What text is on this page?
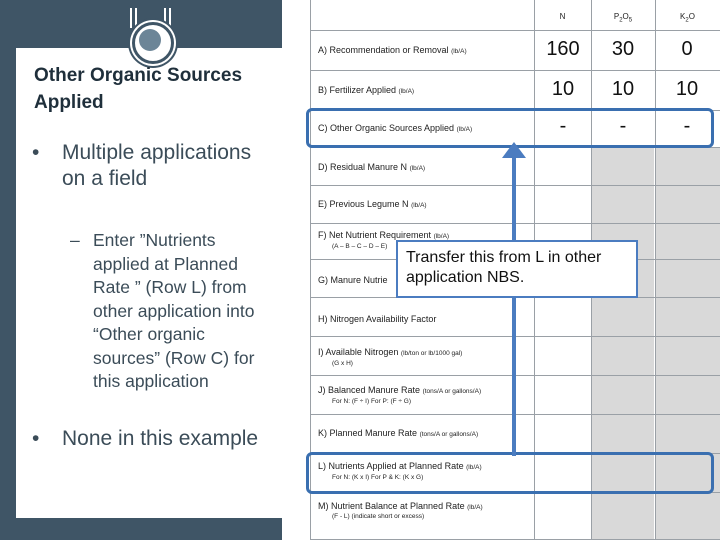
Other Organic Sources Applied
•	Multiple applications on a field
– Enter ”Nutrients applied at Planned Rate ” (Row L) from other application into “Other organic sources” (Row C) for this application
•	None in this example
N	$P_2O_5$	$K_2O$
A) Recommendation or Removal (lb/A)	160	30	0
B) Fertilizer Applied (lb/A)	10	10	10
C) Other Organic Sources Applied (lb/A)	-	-	-
D) Residual Manure N (lb/A)
E) Previous Legume N (lb/A)
F) Net Nutrient Requirement (lb/A)
(A – B – C – D – E)
G) Manure Nutrie
H) Nitrogen Availability Factor
I) Available Nitrogen (lb/ton or lb/1000 gal)
(G x H)
J) Balanced Manure Rate (tons/A or gallons/A)
For N: (F ÷ I) For P: (F ÷ G)
K) Planned Manure Rate (tons/A or gallons/A)
L) Nutrients Applied at Planned Rate (lb/A)
For N: (K x I) For P & K: (K x G)
M) Nutrient Balance at Planned Rate (lb/A)
(F - L) (indicate short or excess)
Transfer this from L in other application NBS.
